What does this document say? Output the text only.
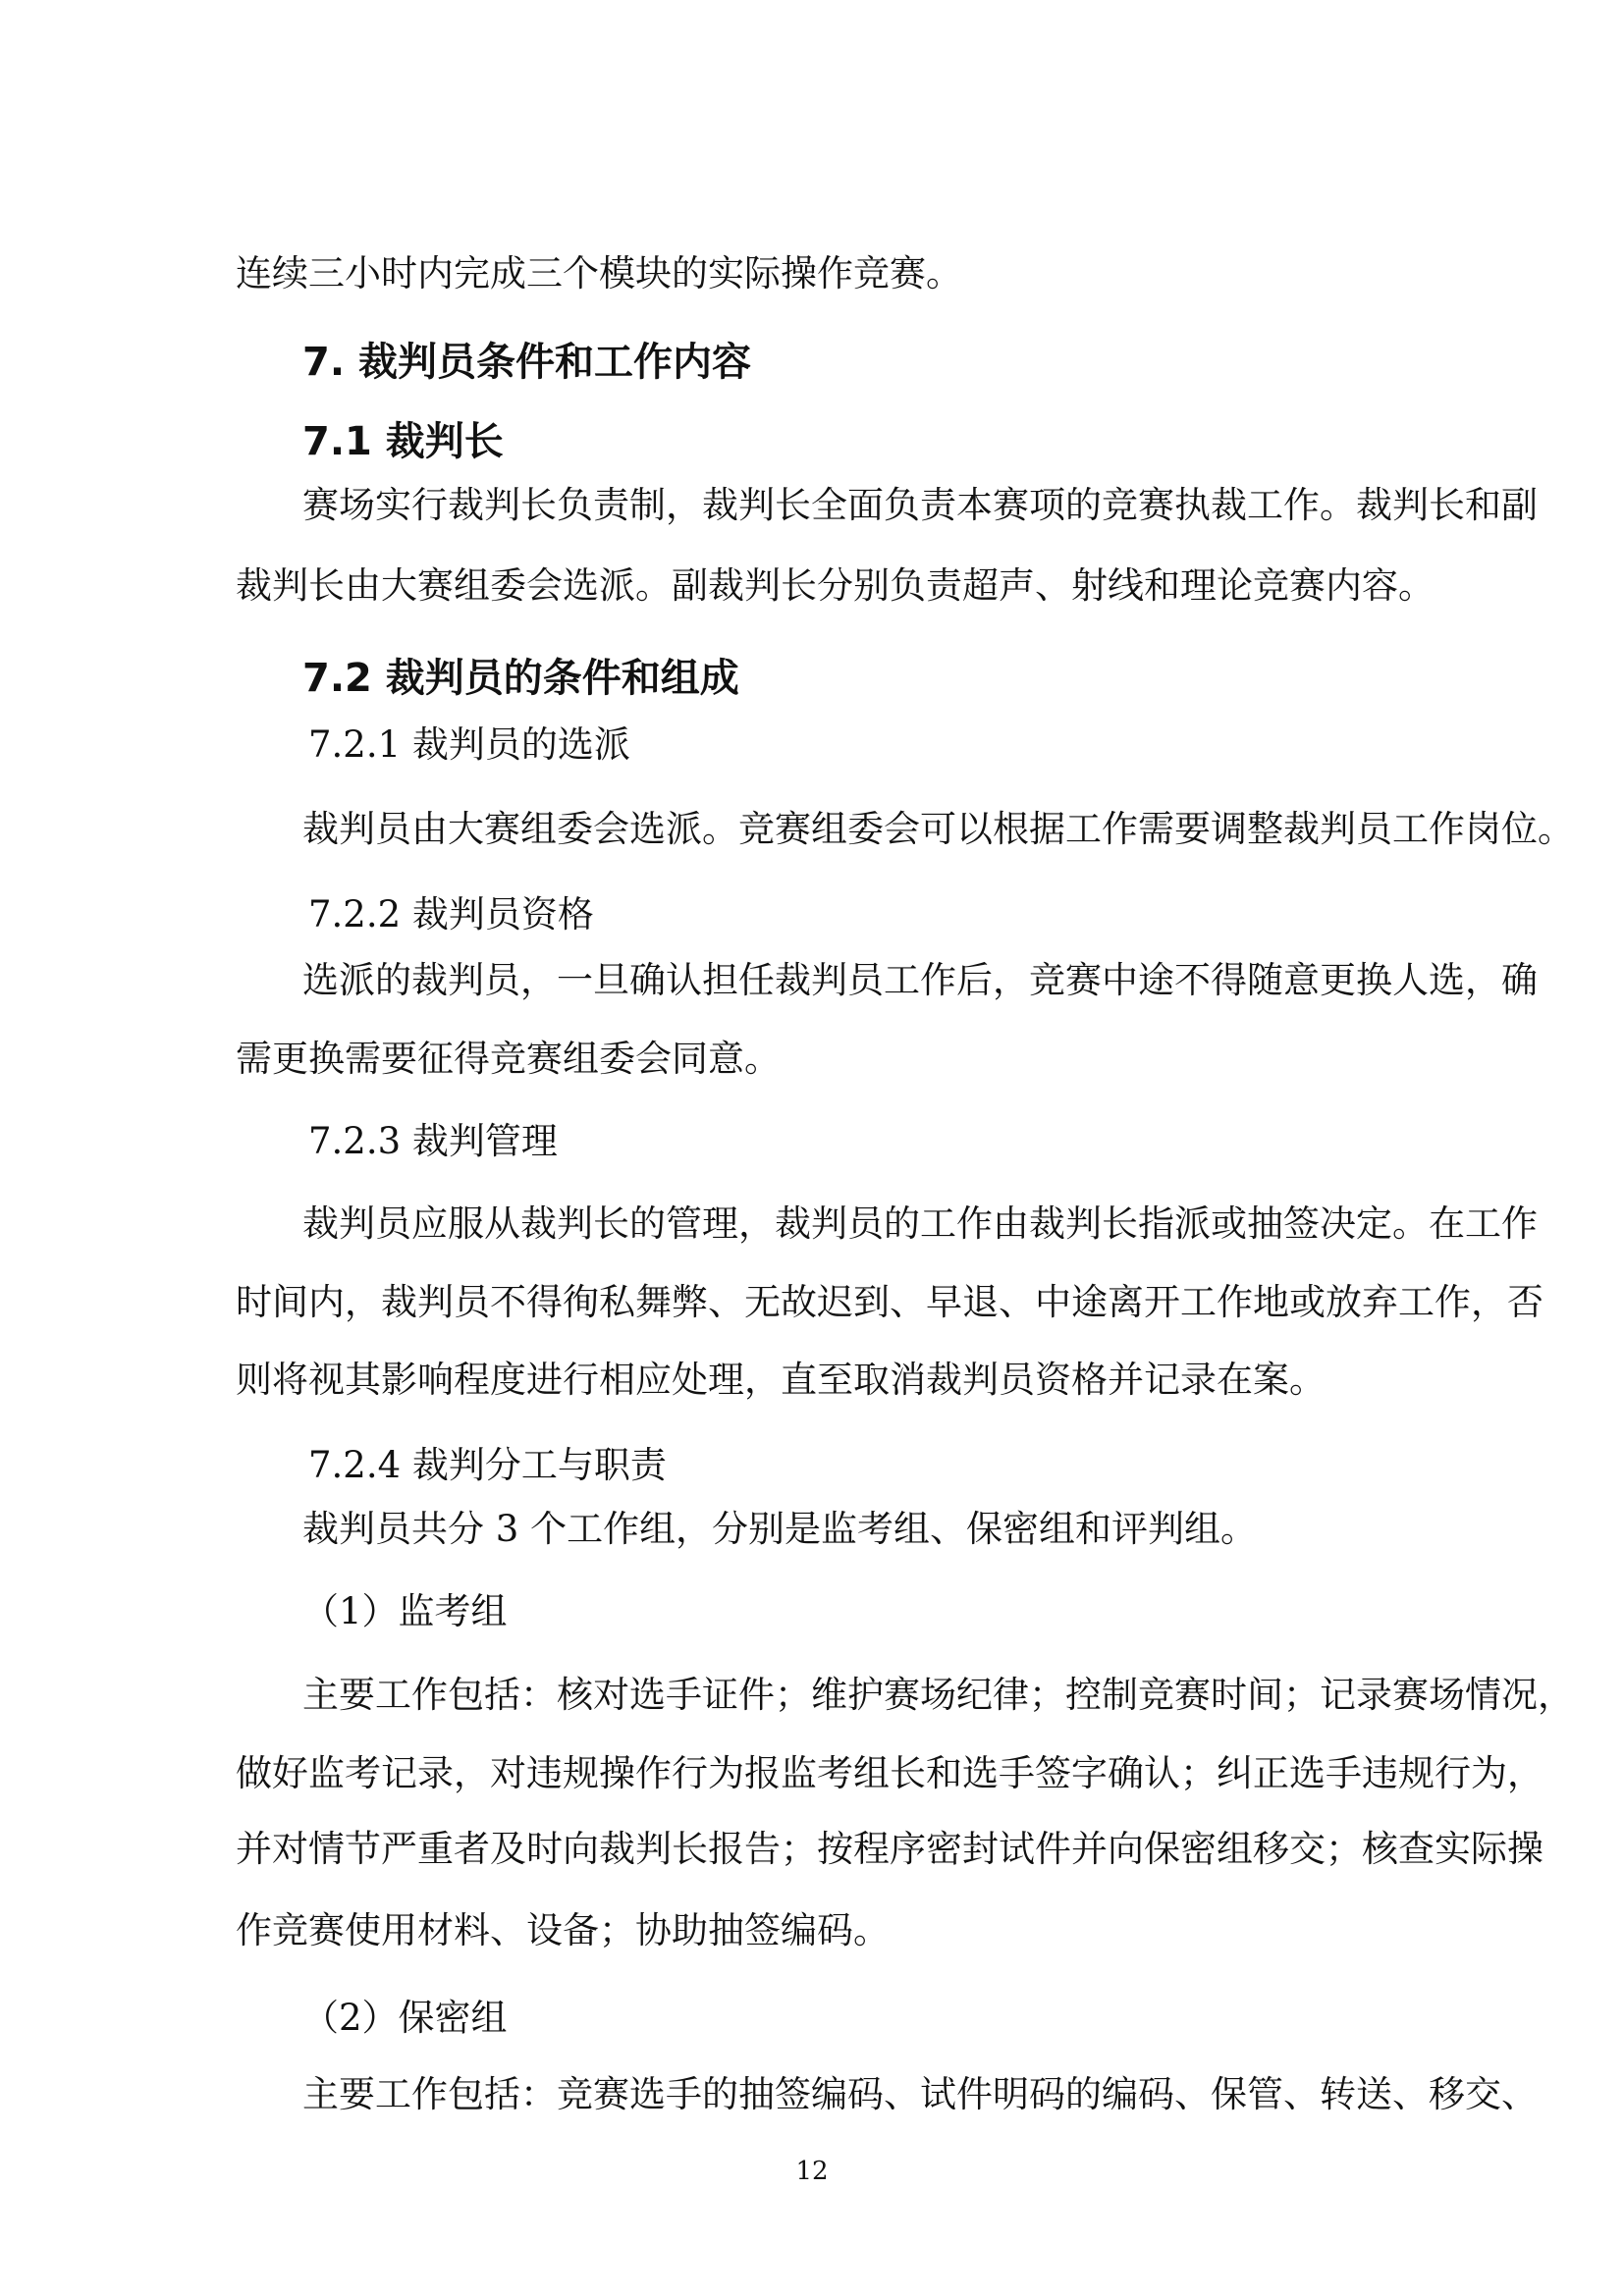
连续三小时内完成三个模块的实际操作竞赛。
7. 裁判员条件和工作内容
7.1 裁判长
赛场实行裁判长负责制，裁判长全面负责本赛项的竞赛执裁工作。裁判长和副
裁判长由大赛组委会选派。副裁判长分别负责超声、射线和理论竞赛内容。
7.2 裁判员的条件和组成
7.2.1 裁判员的选派
裁判员由大赛组委会选派。竞赛组委会可以根据工作需要调整裁判员工作岗位。
7.2.2 裁判员资格
选派的裁判员，一旦确认担任裁判员工作后，竞赛中途不得随意更换人选，确
需更换需要征得竞赛组委会同意。
7.2.3 裁判管理
裁判员应服从裁判长的管理，裁判员的工作由裁判长指派或抽签决定。在工作
时间内，裁判员不得徇私舞弊、无故迟到、早退、中途离开工作地或放弃工作，否
则将视其影响程度进行相应处理，直至取消裁判员资格并记录在案。
7.2.4 裁判分工与职责
裁判员共分 3 个工作组，分别是监考组、保密组和评判组。
（1）监考组
主要工作包括：核对选手证件；维护赛场纪律；控制竞赛时间；记录赛场情况，
做好监考记录，对违规操作行为报监考组长和选手签字确认；纠正选手违规行为，
并对情节严重者及时向裁判长报告；按程序密封试件并向保密组移交；核查实际操
作竞赛使用材料、设备；协助抽签编码。
（2）保密组
主要工作包括：竞赛选手的抽签编码、试件明码的编码、保管、转送、移交、
12
